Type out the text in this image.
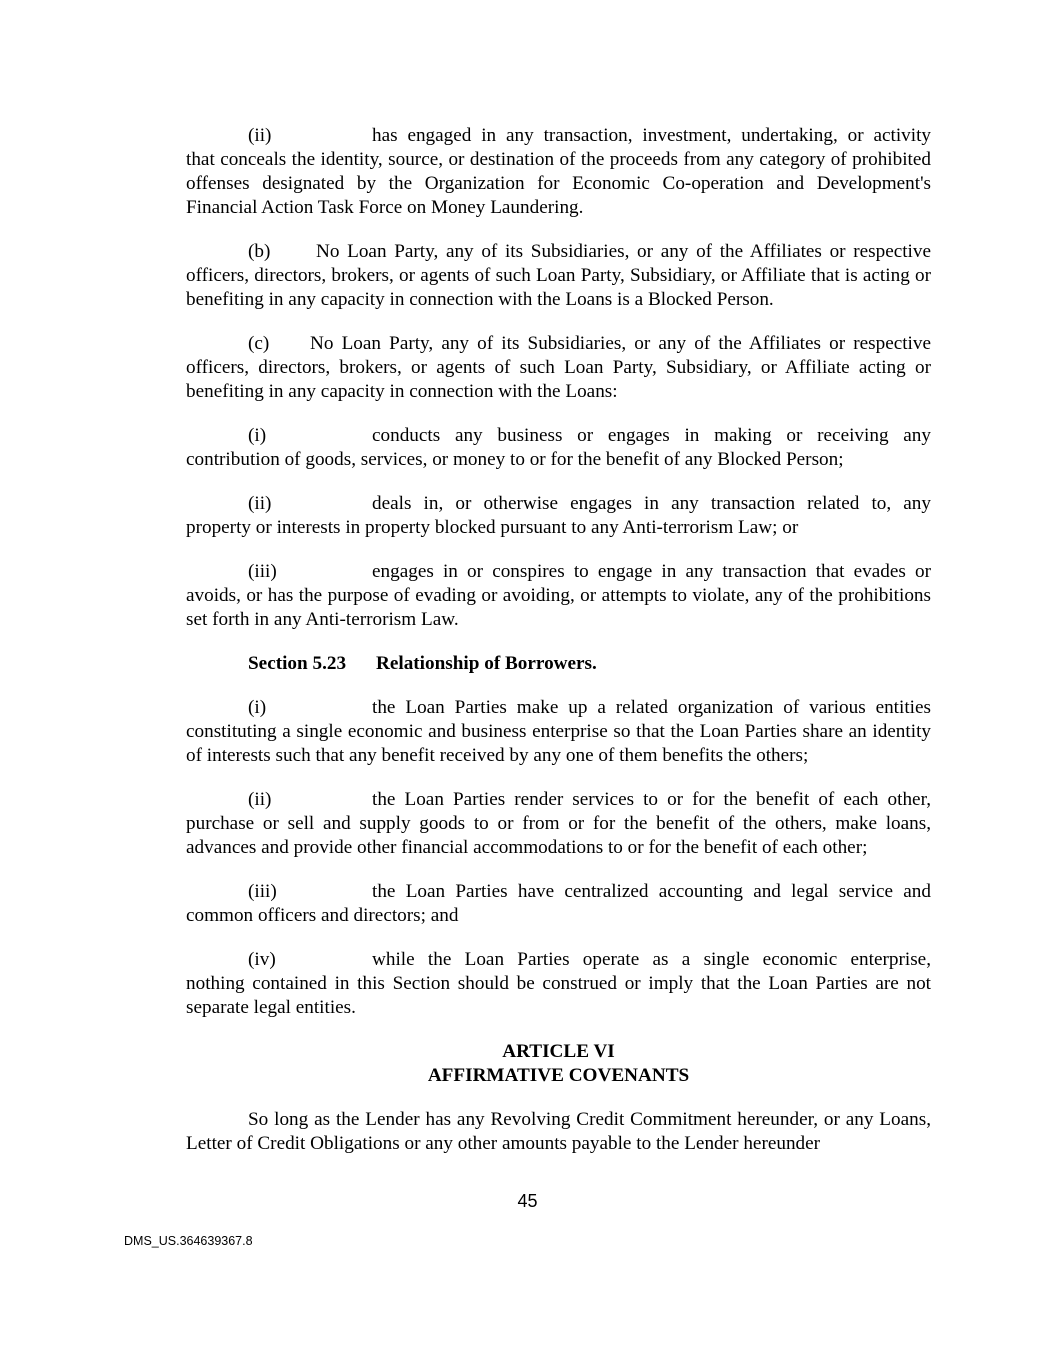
(ii)	has engaged in any transaction, investment, undertaking, or activity
that conceals the identity, source, or destination of the proceeds from any category of prohibited offenses designated by the Organization for Economic Co-operation and Development's Financial Action Task Force on Money Laundering.
(b) No Loan Party, any of its Subsidiaries, or any of the Affiliates or respective officers, directors, brokers, or agents of such Loan Party, Subsidiary, or Affiliate that is acting or benefiting in any capacity in connection with the Loans is a Blocked Person.
(c) No Loan Party, any of its Subsidiaries, or any of the Affiliates or respective officers, directors, brokers, or agents of such Loan Party, Subsidiary, or Affiliate acting or benefiting in any capacity in connection with the Loans:
(i)	conducts any business or engages in making or receiving any
contribution of goods, services, or money to or for the benefit of any Blocked Person;
(ii)	deals in, or otherwise engages in any transaction related to, any
property or interests in property blocked pursuant to any Anti-terrorism Law; or
(iii)	engages in or conspires to engage in any transaction that evades or
avoids, or has the purpose of evading or avoiding, or attempts to violate, any of the prohibitions set forth in any Anti-terrorism Law.
Section 5.23 Relationship of Borrowers.
(i)	the Loan Parties make up a related organization of various entities
constituting a single economic and business enterprise so that the Loan Parties share an identity of interests such that any benefit received by any one of them benefits the others;
(ii)	the Loan Parties render services to or for the benefit of each other,
purchase or sell and supply goods to or from or for the benefit of the others, make loans, advances and provide other financial accommodations to or for the benefit of each other;
(iii)	the Loan Parties have centralized accounting and legal service and
common officers and directors; and
(iv)	while the Loan Parties operate as a single economic enterprise,
nothing contained in this Section should be construed or imply that the Loan Parties are not separate legal entities.
ARTICLE VI
AFFIRMATIVE COVENANTS
So long as the Lender has any Revolving Credit Commitment hereunder, or any Loans, Letter of Credit Obligations or any other amounts payable to the Lender hereunder
45
DMS_US.364639367.8
